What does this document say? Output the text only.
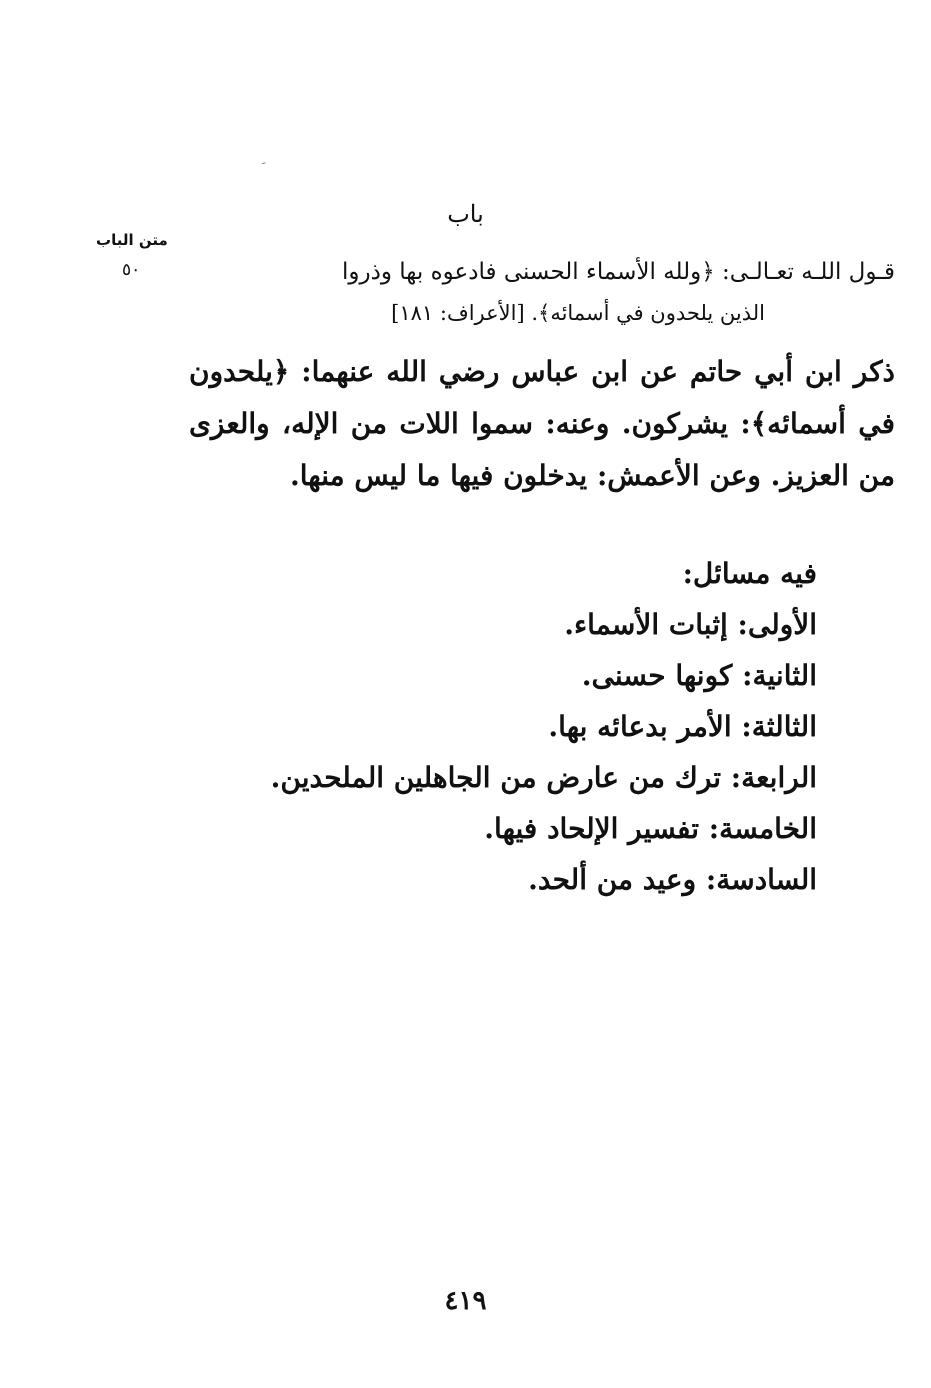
ﹶ
متن الباب
٥٠
باب
قـول اللـه تعـالـى: ﴿ولله الأسماء الحسنى فادعوه بها وذروا
الذين يلحدون في أسمائه﴾. [الأعراف: ١٨١]
ذكر ابن أبي حاتم عن ابن عباس رضي الله عنهما: ﴿يلحدون في أسمائه﴾: يشركون. وعنه: سموا اللات من الإله، والعزى من العزيز. وعن الأعمش: يدخلون فيها ما ليس منها.
فيه مسائل:
الأولى: إثبات الأسماء.
الثانية: كونها حسنى.
الثالثة: الأمر بدعائه بها.
الرابعة: ترك من عارض من الجاهلين الملحدين.
الخامسة: تفسير الإلحاد فيها.
السادسة: وعيد من ألحد.
٤١٩
